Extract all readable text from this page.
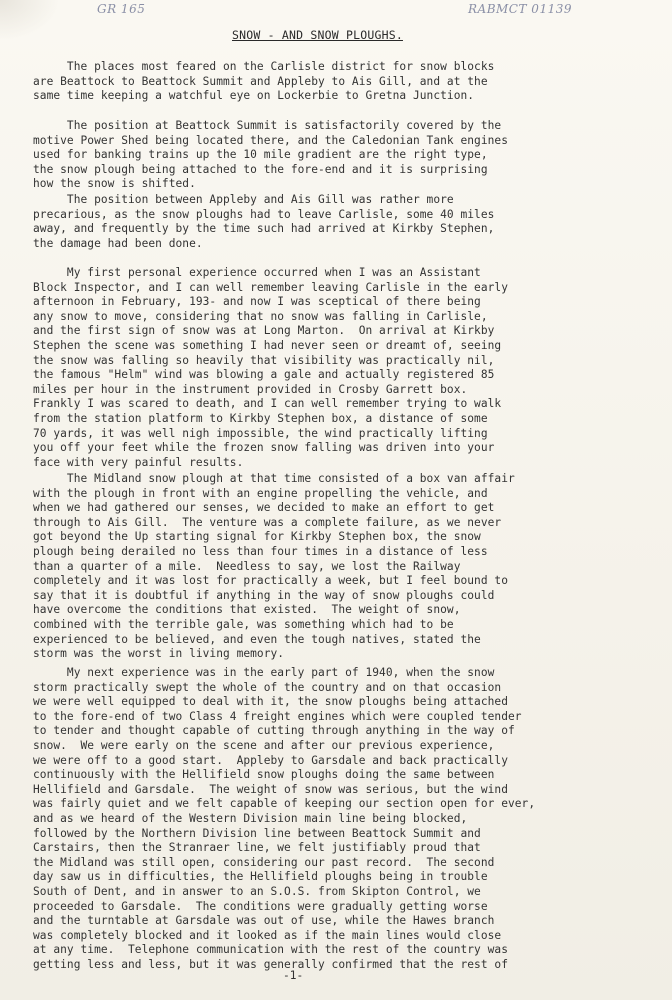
GR 165	RABMCT 01139
SNOW - AND SNOW PLOUGHS.
The places most feared on the Carlisle district for snow blocks
are Beattock to Beattock Summit and Appleby to Ais Gill, and at the
same time keeping a watchful eye on Lockerbie to Gretna Junction.
The position at Beattock Summit is satisfactorily covered by the
motive Power Shed being located there, and the Caledonian Tank engines
used for banking trains up the 10 mile gradient are the right type,
the snow plough being attached to the fore-end and it is surprising
how the snow is shifted.
The position between Appleby and Ais Gill was rather more
precarious, as the snow ploughs had to leave Carlisle, some 40 miles
away, and frequently by the time such had arrived at Kirkby Stephen,
the damage had been done.
My first personal experience occurred when I was an Assistant
Block Inspector, and I can well remember leaving Carlisle in the early
afternoon in February, 193- and now I was sceptical of there being
any snow to move, considering that no snow was falling in Carlisle,
and the first sign of snow was at Long Marton.  On arrival at Kirkby
Stephen the scene was something I had never seen or dreamt of, seeing
the snow was falling so heavily that visibility was practically nil,
the famous "Helm" wind was blowing a gale and actually registered 85
miles per hour in the instrument provided in Crosby Garrett box.
Frankly I was scared to death, and I can well remember trying to walk
from the station platform to Kirkby Stephen box, a distance of some
70 yards, it was well nigh impossible, the wind practically lifting
you off your feet while the frozen snow falling was driven into your
face with very painful results.
The Midland snow plough at that time consisted of a box van affair
with the plough in front with an engine propelling the vehicle, and
when we had gathered our senses, we decided to make an effort to get
through to Ais Gill.  The venture was a complete failure, as we never
got beyond the Up starting signal for Kirkby Stephen box, the snow
plough being derailed no less than four times in a distance of less
than a quarter of a mile.  Needless to say, we lost the Railway
completely and it was lost for practically a week, but I feel bound to
say that it is doubtful if anything in the way of snow ploughs could
have overcome the conditions that existed.  The weight of snow,
combined with the terrible gale, was something which had to be
experienced to be believed, and even the tough natives, stated the
storm was the worst in living memory.
My next experience was in the early part of 1940, when the snow
storm practically swept the whole of the country and on that occasion
we were well equipped to deal with it, the snow ploughs being attached
to the fore-end of two Class 4 freight engines which were coupled tender
to tender and thought capable of cutting through anything in the way of
snow.  We were early on the scene and after our previous experience,
we were off to a good start.  Appleby to Garsdale and back practically
continuously with the Hellifield snow ploughs doing the same between
Hellifield and Garsdale.  The weight of snow was serious, but the wind
was fairly quiet and we felt capable of keeping our section open for ever,
and as we heard of the Western Division main line being blocked,
followed by the Northern Division line between Beattock Summit and
Carstairs, then the Stranraer line, we felt justifiably proud that
the Midland was still open, considering our past record.  The second
day saw us in difficulties, the Hellifield ploughs being in trouble
South of Dent, and in answer to an S.O.S. from Skipton Control, we
proceeded to Garsdale.  The conditions were gradually getting worse
and the turntable at Garsdale was out of use, while the Hawes branch
was completely blocked and it looked as if the main lines would close
at any time.  Telephone communication with the rest of the country was
getting less and less, but it was generally confirmed that the rest of
-1-
